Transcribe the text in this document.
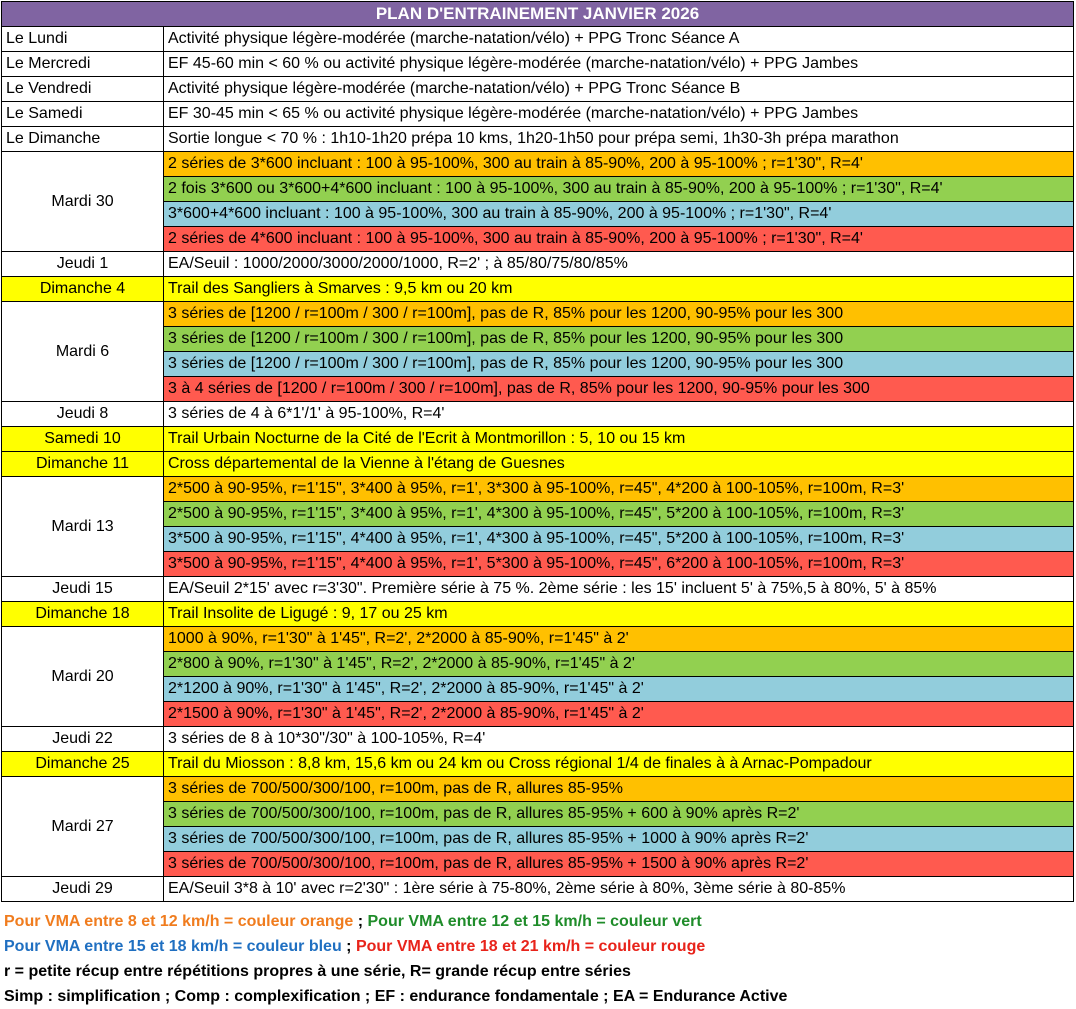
PLAN D'ENTRAINEMENT JANVIER 2026
Le Lundi	Activité physique légère-modérée (marche-natation/vélo) + PPG Tronc Séance A
Le Mercredi	EF 45-60 min < 60 % ou activité physique légère-modérée (marche-natation/vélo) + PPG Jambes
Le Vendredi	Activité physique légère-modérée (marche-natation/vélo) + PPG Tronc Séance B
Le Samedi	EF 30-45 min < 65 % ou activité physique légère-modérée (marche-natation/vélo) + PPG Jambes
Le Dimanche	Sortie longue < 70 % : 1h10-1h20 prépa 10 kms, 1h20-1h50 pour prépa semi, 1h30-3h prépa marathon
Mardi 30
2 séries de 3*600 incluant : 100 à 95-100%, 300 au train à 85-90%, 200 à 95-100% ; r=1'30", R=4'
2 fois 3*600 ou 3*600+4*600 incluant : 100 à 95-100%, 300 au train à 85-90%, 200 à 95-100% ; r=1'30", R=4'
3*600+4*600 incluant : 100 à 95-100%, 300 au train à 85-90%, 200 à 95-100% ; r=1'30", R=4'
2 séries de 4*600 incluant : 100 à 95-100%, 300 au train à 85-90%, 200 à 95-100% ; r=1'30", R=4'
Jeudi 1	EA/Seuil : 1000/2000/3000/2000/1000, R=2' ; à 85/80/75/80/85%
Dimanche 4	Trail des Sangliers à Smarves : 9,5 km ou 20 km
Mardi 6
3 séries de [1200 / r=100m / 300 / r=100m], pas de R, 85% pour les 1200, 90-95% pour les 300
3 séries de [1200 / r=100m / 300 / r=100m], pas de R, 85% pour les 1200, 90-95% pour les 300
3 séries de [1200 / r=100m / 300 / r=100m], pas de R, 85% pour les 1200, 90-95% pour les 300
3 à 4 séries de [1200 / r=100m / 300 / r=100m], pas de R, 85% pour les 1200, 90-95% pour les 300
Jeudi 8	3 séries de 4 à 6*1'/1' à 95-100%, R=4'
Samedi 10	Trail Urbain Nocturne de la Cité de l'Ecrit à Montmorillon : 5, 10 ou 15 km
Dimanche 11	Cross départemental de la Vienne à l'étang de Guesnes
Mardi 13
2*500 à 90-95%, r=1'15", 3*400 à 95%, r=1', 3*300 à 95-100%, r=45", 4*200 à 100-105%, r=100m, R=3'
2*500 à 90-95%, r=1'15", 3*400 à 95%, r=1', 4*300 à 95-100%, r=45", 5*200 à 100-105%, r=100m, R=3'
3*500 à 90-95%, r=1'15", 4*400 à 95%, r=1', 4*300 à 95-100%, r=45", 5*200 à 100-105%, r=100m, R=3'
3*500 à 90-95%, r=1'15", 4*400 à 95%, r=1', 5*300 à 95-100%, r=45", 6*200 à 100-105%, r=100m, R=3'
Jeudi 15	EA/Seuil 2*15' avec r=3'30". Première série à 75 %. 2ème série : les 15' incluent 5' à 75%,5 à 80%, 5' à 85%
Dimanche 18	Trail Insolite de Ligugé : 9, 17 ou 25 km
Mardi 20
1000 à 90%, r=1'30" à 1'45", R=2', 2*2000 à 85-90%, r=1'45" à 2'
2*800 à 90%, r=1'30" à 1'45", R=2', 2*2000 à 85-90%, r=1'45" à 2'
2*1200 à 90%, r=1'30" à 1'45", R=2', 2*2000 à 85-90%, r=1'45" à 2'
2*1500 à 90%, r=1'30" à 1'45", R=2', 2*2000 à 85-90%, r=1'45" à 2'
Jeudi 22	3 séries de 8 à 10*30"/30" à 100-105%, R=4'
Dimanche 25	Trail du Miosson : 8,8 km, 15,6 km ou 24 km ou Cross régional 1/4 de finales à à Arnac-Pompadour
Mardi 27
3 séries de 700/500/300/100, r=100m, pas de R, allures 85-95%
3 séries de 700/500/300/100, r=100m, pas de R, allures 85-95% + 600 à 90% après R=2'
3 séries de 700/500/300/100, r=100m, pas de R, allures 85-95% + 1000 à 90% après R=2'
3 séries de 700/500/300/100, r=100m, pas de R, allures 85-95% + 1500 à 90% après R=2'
Jeudi 29	EA/Seuil 3*8 à 10' avec r=2'30" : 1ère série à 75-80%, 2ème série à 80%, 3ème série à 80-85%
Pour VMA entre 8 et 12 km/h = couleur orange ; Pour VMA entre 12 et 15 km/h = couleur vert
Pour VMA entre 15 et 18 km/h = couleur bleu ; Pour VMA entre 18 et 21 km/h = couleur rouge
r = petite récup entre répétitions propres à une série, R= grande récup entre séries
Simp : simplification ; Comp : complexification ; EF : endurance fondamentale ; EA = Endurance Active
